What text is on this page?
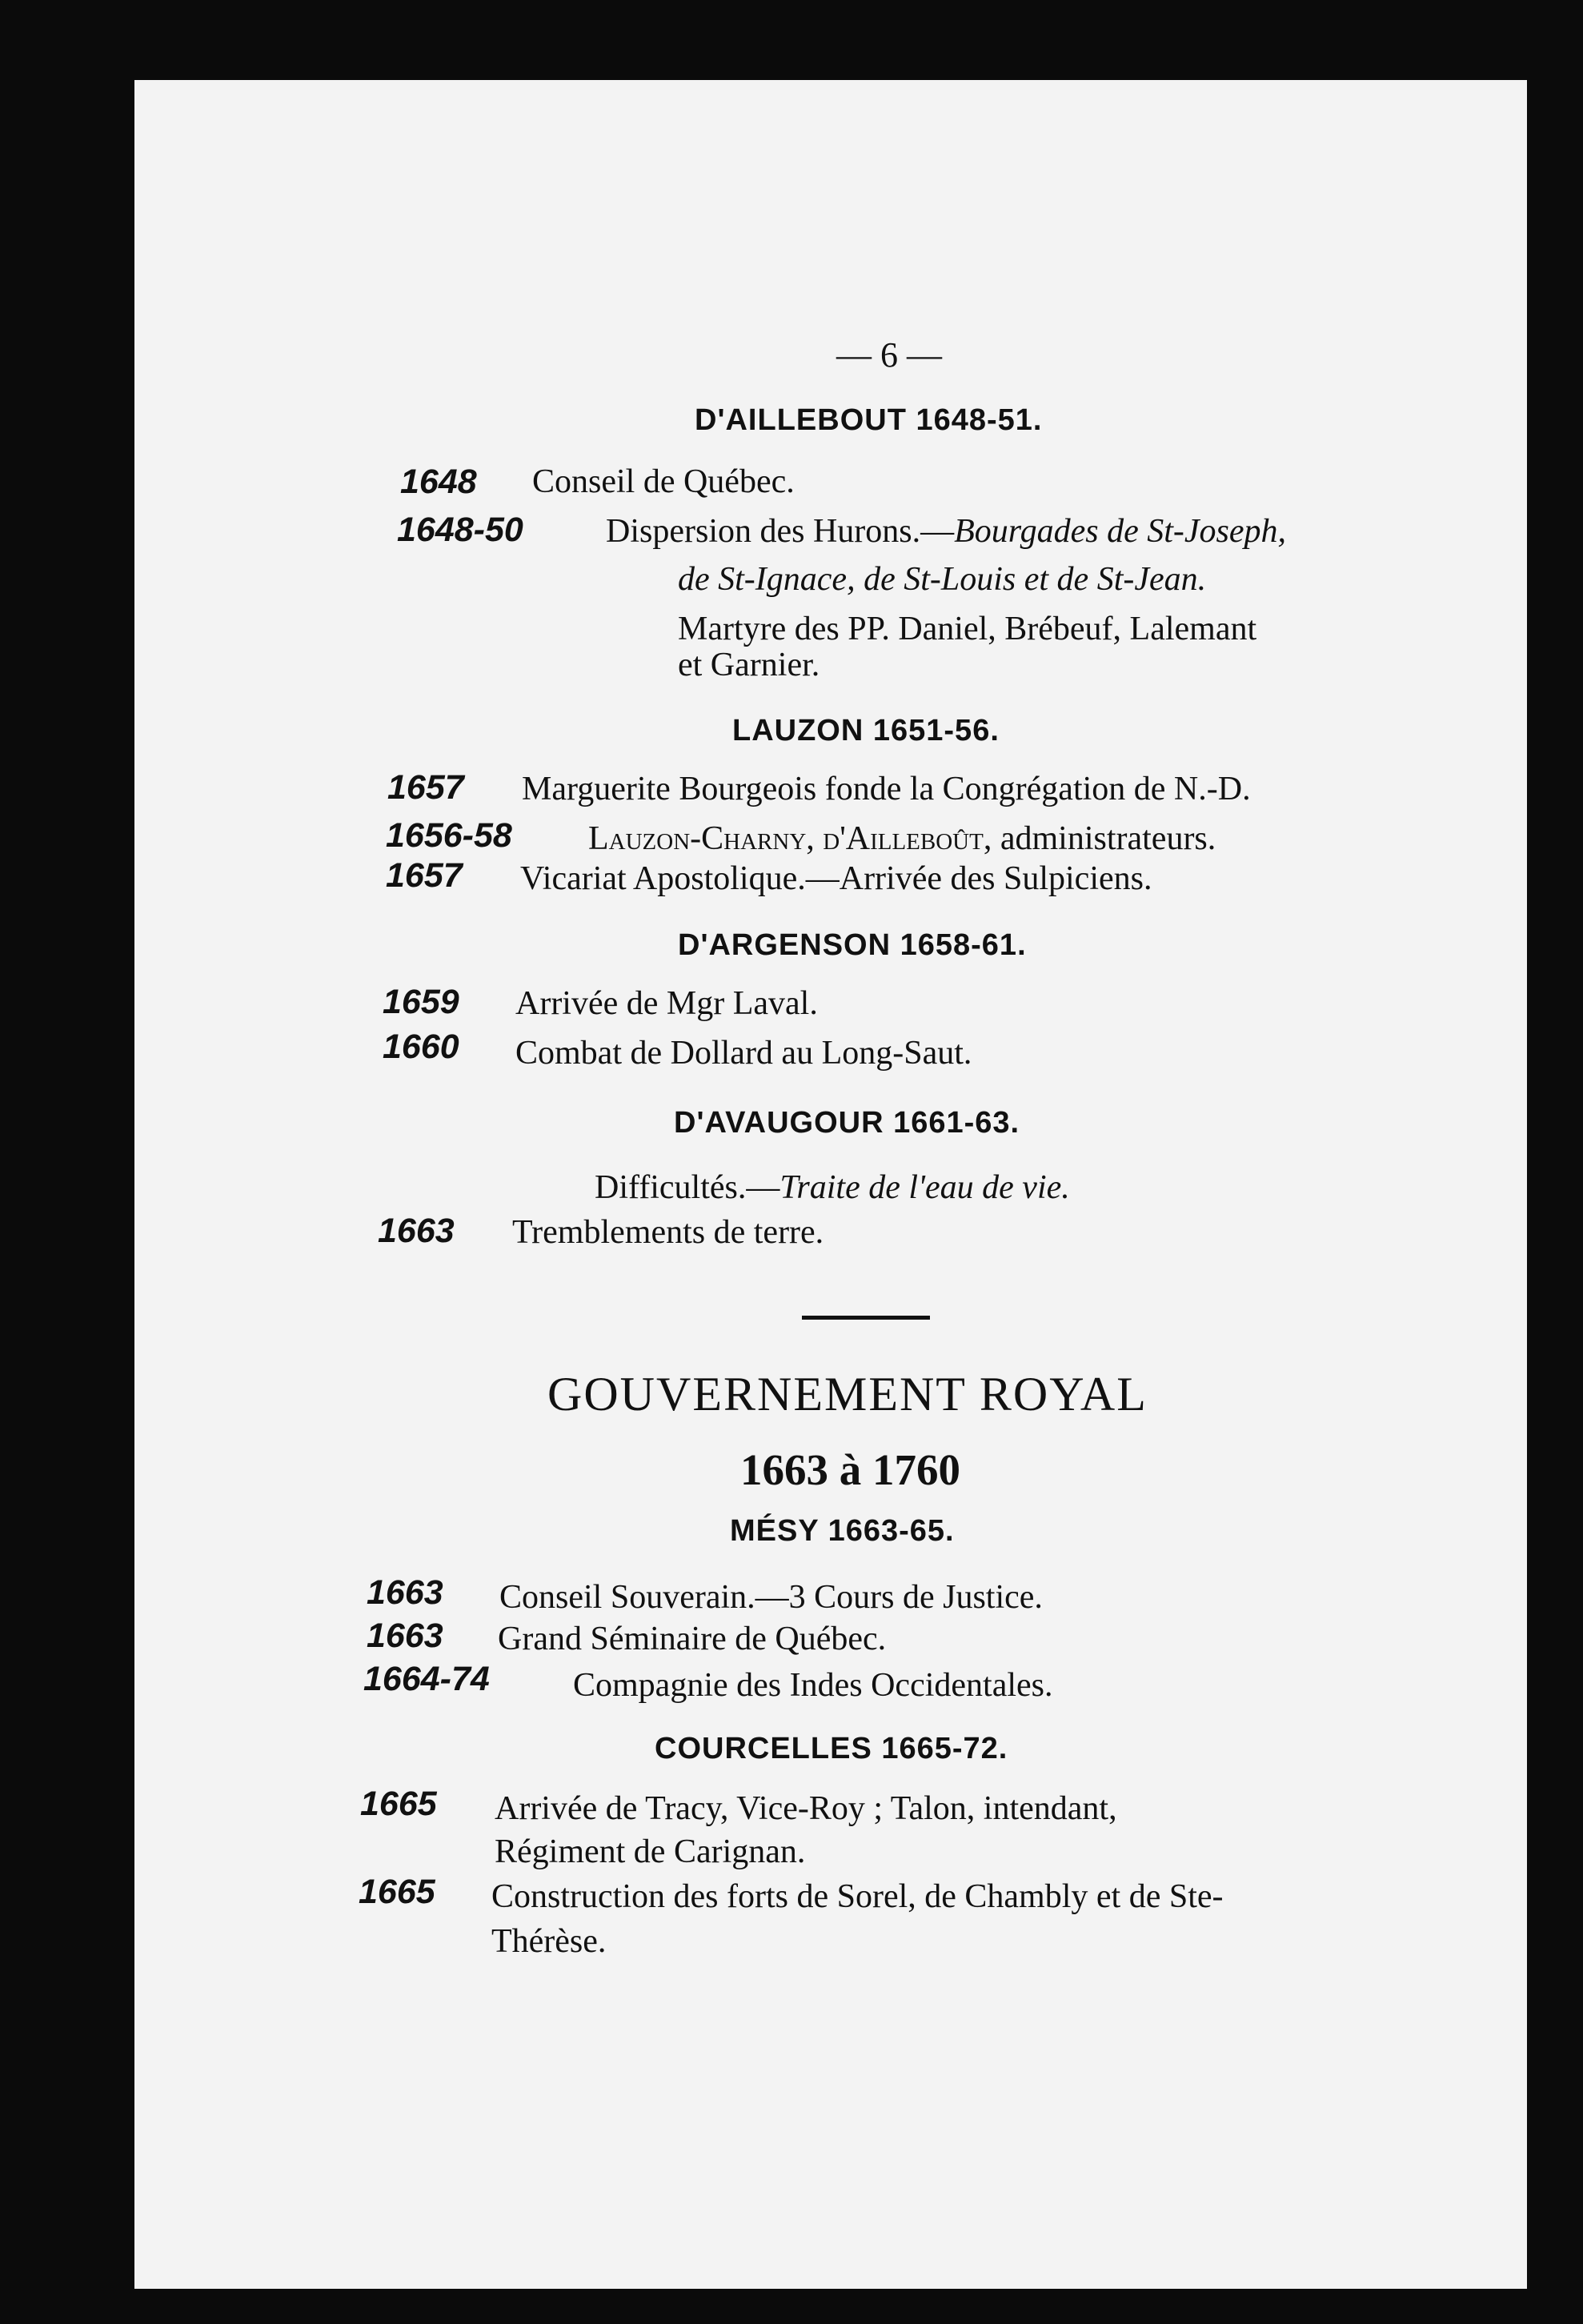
— 6 —
D'AILLEBOUT 1648-51.
1648 Conseil de Québec.
1648-50 Dispersion des Hurons.—Bourgades de St-Joseph,
de St-Ignace, de St-Louis et de St-Jean.
Martyre des PP. Daniel, Brébeuf, Lalemant
et Garnier.
LAUZON 1651-56.
1657 Marguerite Bourgeois fonde la Congrégation de N.-D.
1656-58 Lauzon-Charny, d'Ailleboût, administrateurs.
1657 Vicariat Apostolique.—Arrivée des Sulpiciens.
D'ARGENSON 1658-61.
1659 Arrivée de Mgr Laval.
1660 Combat de Dollard au Long-Saut.
D'AVAUGOUR 1661-63.
Difficultés.—Traite de l'eau de vie.
1663 Tremblements de terre.
GOUVERNEMENT ROYAL
1663 à 1760
MÉSY 1663-65.
1663 Conseil Souverain.—3 Cours de Justice.
1663 Grand Séminaire de Québec.
1664-74 Compagnie des Indes Occidentales.
COURCELLES 1665-72.
1665 Arrivée de Tracy, Vice-Roy ; Talon, intendant,
Régiment de Carignan.
1665 Construction des forts de Sorel, de Chambly et de Ste-
Thérèse.
